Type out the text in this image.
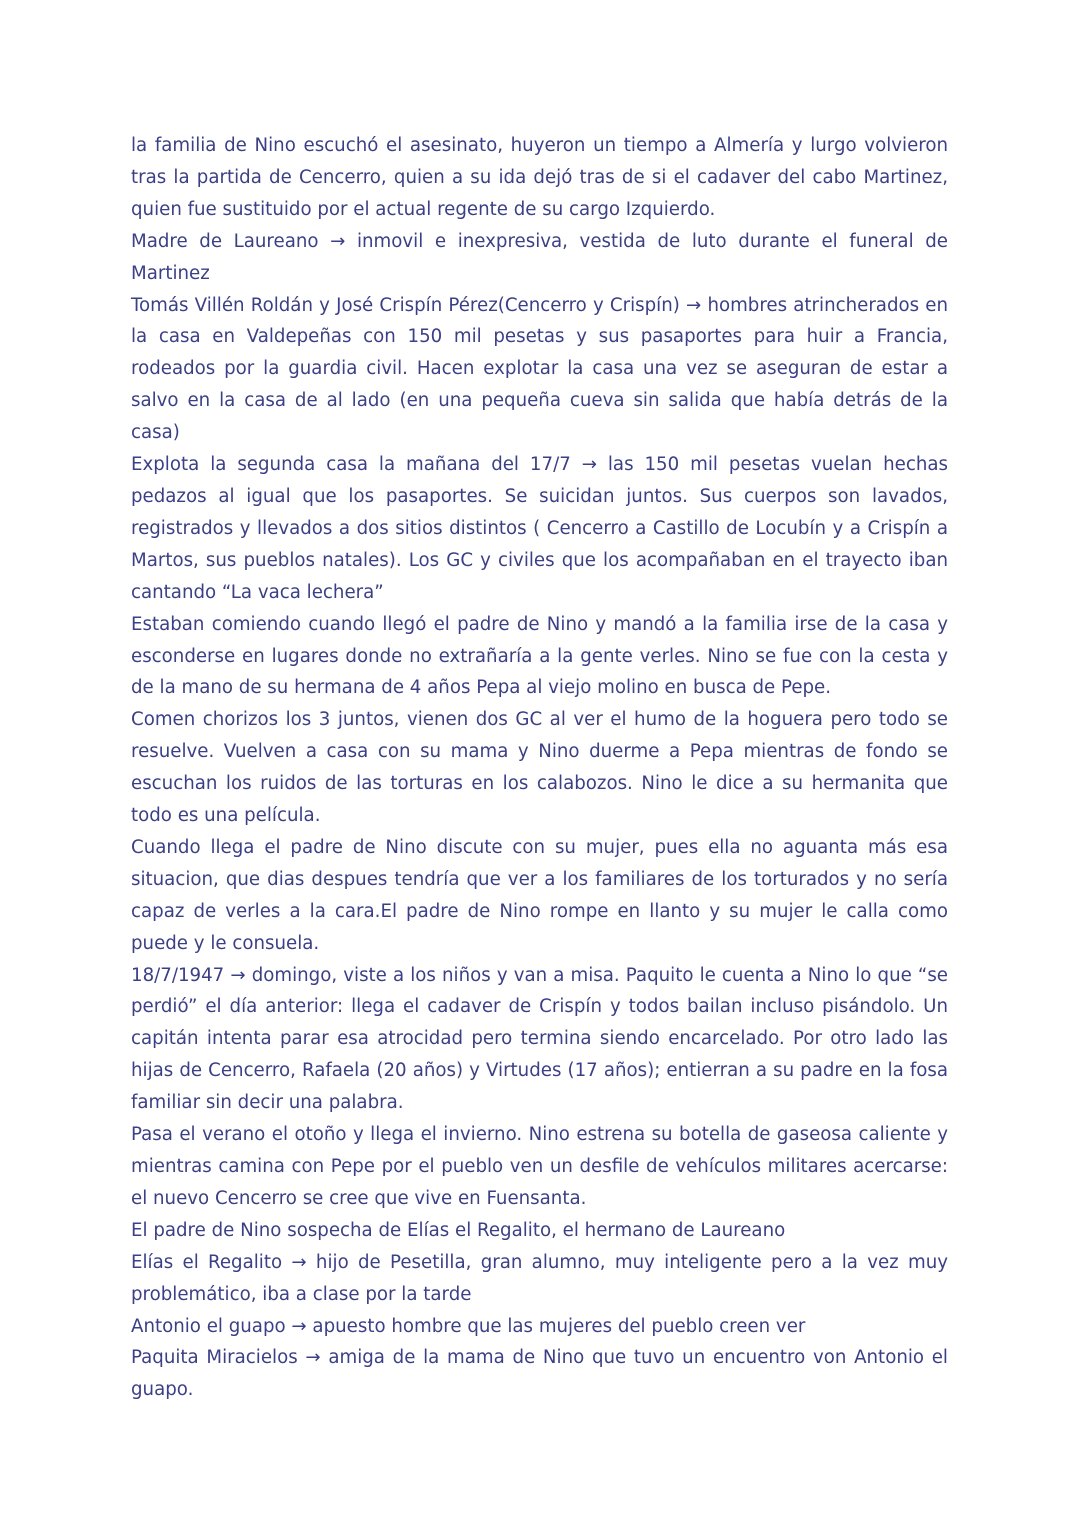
la familia de Nino escuchó el asesinato, huyeron un tiempo a Almería y lurgo volvieron tras la partida de Cencerro, quien a su ida dejó tras de si el cadaver del cabo Martinez, quien fue sustituido por el actual regente de su cargo Izquierdo.

Madre de Laureano → inmovil e inexpresiva, vestida de luto durante el funeral de Martinez

Tomás Villén Roldán y José Crispín Pérez(Cencerro y Crispín) → hombres atrincherados en la casa en Valdepeñas con 150 mil pesetas y sus pasaportes para huir a Francia, rodeados por la guardia civil. Hacen explotar la casa una vez se aseguran de estar a salvo en la casa de al lado (en una pequeña cueva sin salida que había detrás de la casa)

Explota la segunda casa la mañana del 17/7 → las 150 mil pesetas vuelan hechas pedazos al igual que los pasaportes. Se suicidan juntos. Sus cuerpos son lavados, registrados y llevados a dos sitios distintos ( Cencerro a Castillo de Locubín y a Crispín a Martos, sus pueblos natales). Los GC y civiles que los acompañaban en el trayecto iban cantando “La vaca lechera”

Estaban comiendo cuando llegó el padre de Nino y mandó a la familia irse de la casa y esconderse en lugares donde no extrañaría a la gente verles. Nino se fue con la cesta y de la mano de su hermana de 4 años Pepa al viejo molino en busca de Pepe.

Comen chorizos los 3 juntos, vienen dos GC al ver el humo de la hoguera pero todo se resuelve. Vuelven a casa con su mama y Nino duerme a Pepa mientras de fondo se escuchan los ruidos de las torturas en los calabozos. Nino le dice a su hermanita que todo es una película.

Cuando llega el padre de Nino discute con su mujer, pues ella no aguanta más esa situacion, que dias despues tendría que ver a los familiares de los torturados y no sería capaz de verles a la cara.El padre de Nino rompe en llanto y su mujer le calla como puede y le consuela.

18/7/1947 → domingo, viste a los niños y van a misa. Paquito le cuenta a Nino lo que “se perdió” el día anterior: llega el cadaver de Crispín y todos bailan incluso pisándolo. Un capitán intenta parar esa atrocidad pero termina siendo encarcelado. Por otro lado las hijas de Cencerro, Rafaela (20 años) y Virtudes (17 años); entierran a su padre en la fosa familiar sin decir una palabra.

Pasa el verano el otoño y llega el invierno. Nino estrena su botella de gaseosa caliente y mientras camina con Pepe por el pueblo ven un desfile de vehículos militares acercarse: el nuevo Cencerro se cree que vive en Fuensanta.

El padre de Nino sospecha de Elías el Regalito, el hermano de Laureano

Elías el Regalito → hijo de Pesetilla, gran alumno, muy inteligente pero a la vez muy problemático, iba a clase por la tarde

Antonio el guapo → apuesto hombre que las mujeres del pueblo creen ver

Paquita Miracielos → amiga de la mama de Nino que tuvo un encuentro von Antonio el guapo.
